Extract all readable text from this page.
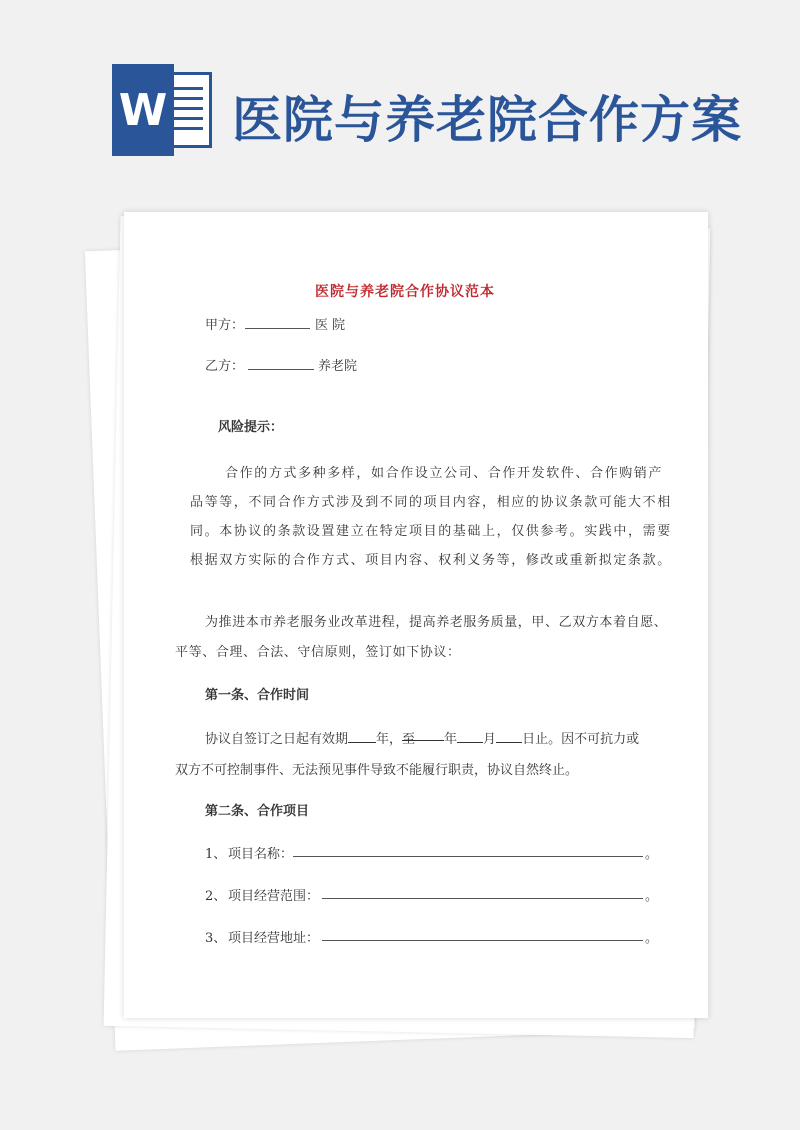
W 医院与养老院合作方案
医院与养老院合作协议范本
甲方：	医 院
乙方：	养老院
风险提示：
合作的方式多种多样，如合作设立公司、合作开发软件、合作购销产
品等等，不同合作方式涉及到不同的项目内容，相应的协议条款可能大不相
同。本协议的条款设置建立在特定项目的基础上，仅供参考。实践中，需要
根据双方实际的合作方式、项目内容、权利义务等，修改或重新拟定条款。
为推进本市养老服务业改革进程，提高养老服务质量，甲、乙双方本着自愿、
平等、合理、合法、守信原则，签订如下协议：
第一条、合作时间
协议自签订之日起有效期 年，至 年 月 日止。因不可抗力或
双方不可控制事件、无法预见事件导致不能履行职责，协议自然终止。
第二条、合作项目
1、 项目名称：	。
2、 项目经营范围：	。
3、 项目经营地址：	。
